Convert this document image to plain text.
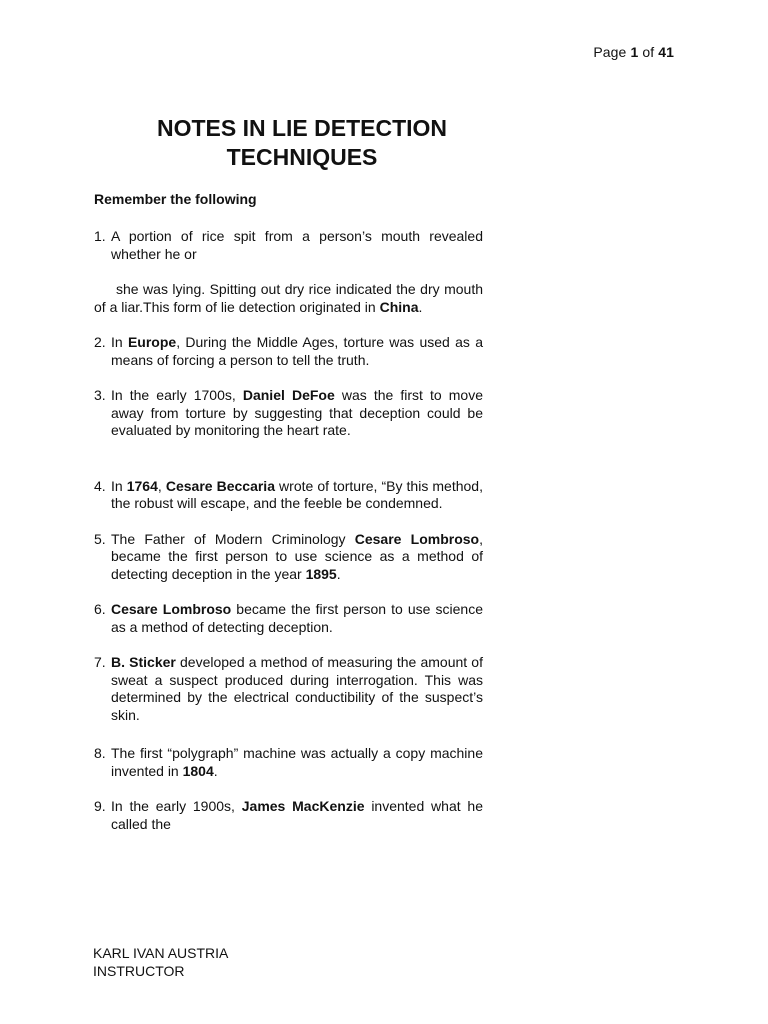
Page 1 of 41
NOTES IN LIE DETECTION
TECHNIQUES
Remember the following
1. A portion of rice spit from a person’s mouth revealed whether he or
she was lying. Spitting out dry rice indicated the dry mouth of a liar.This form of lie detection originated in China.
2. In Europe, During the Middle Ages, torture was used as a means of forcing a person to tell the truth.
3. In the early 1700s, Daniel DeFoe was the first to move away from torture by suggesting that deception could be evaluated by monitoring the heart rate.
4. In 1764, Cesare Beccaria wrote of torture, “By this method, the robust will escape, and the feeble be condemned.
5. The Father of Modern Criminology Cesare Lombroso, became the first person to use science as a method of detecting deception in the year 1895.
6. Cesare Lombroso became the first person to use science as a method of detecting deception.
7. B. Sticker developed a method of measuring the amount of sweat a suspect produced during interrogation. This was determined by the electrical conductibility of the suspect’s skin.
8. The first “polygraph” machine was actually a copy machine invented in 1804.
9. In the early 1900s, James MacKenzie invented what he called the
KARL IVAN AUSTRIA
INSTRUCTOR
